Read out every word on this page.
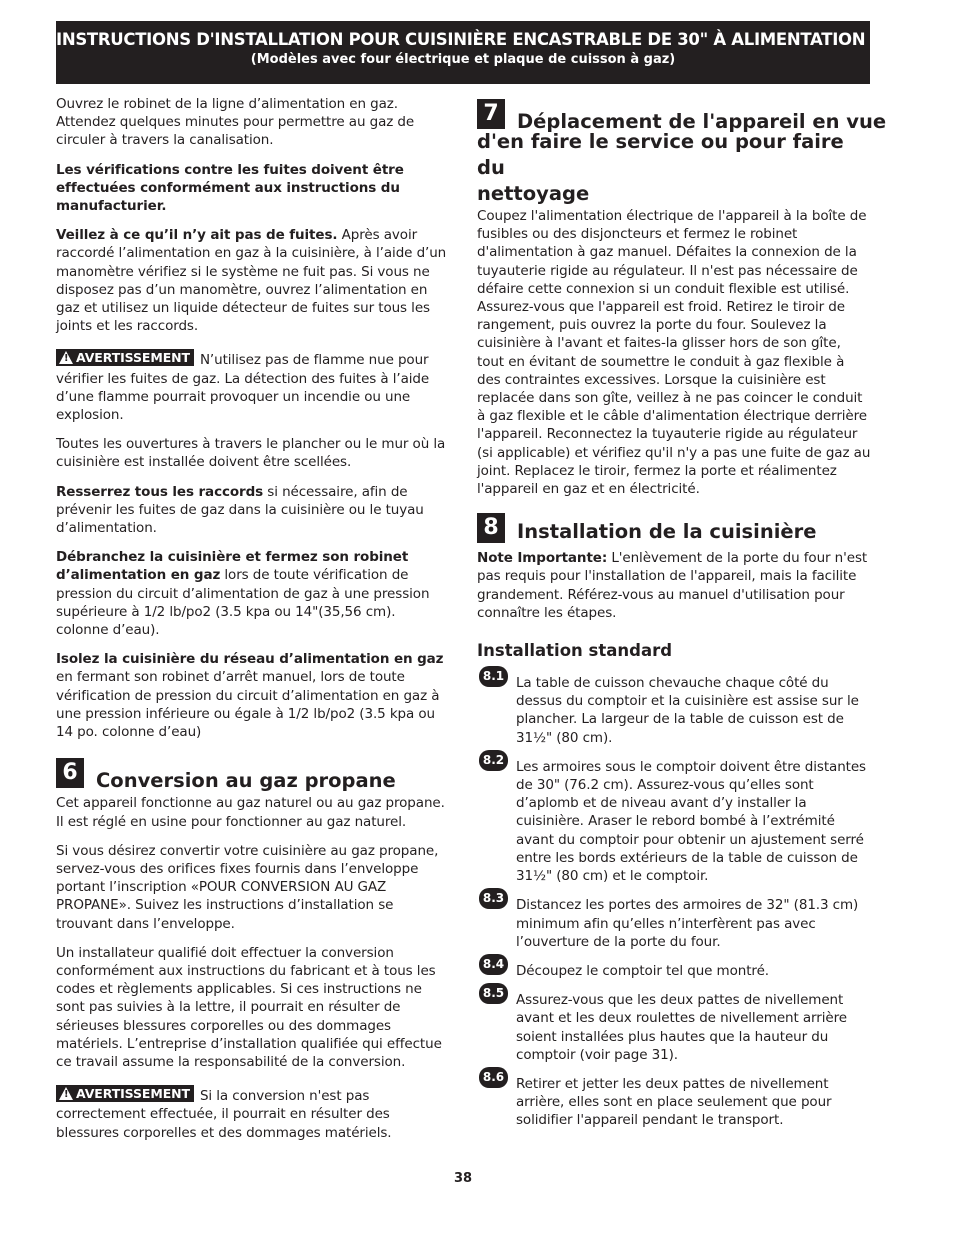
INSTRUCTIONS D'INSTALLATION POUR CUISINIÈRE ENCASTRABLE DE 30" À ALIMENTATION MIXTE
(Modèles avec four électrique et plaque de cuisson à gaz)

Ouvrez le robinet de la ligne d’alimentation en gaz. Attendez quelques minutes pour permettre au gaz de circuler à travers la canalisation.

Les vérifications contre les fuites doivent être effectuées conformément aux instructions du manufacturier.

Veillez à ce qu’il n’y ait pas de fuites. Après avoir raccordé l’alimentation en gaz à la cuisinière, à l’aide d’un manomètre vérifiez si le système ne fuit pas. Si vous ne disposez pas d’un manomètre, ouvrez l’alimentation en gaz et utilisez un liquide détecteur de fuites sur tous les joints et les raccords.

! AVERTISSEMENT N’utilisez pas de flamme nue pour vérifier les fuites de gaz. La détection des fuites à l’aide d’une flamme pourrait provoquer un incendie ou une explosion.

Toutes les ouvertures à travers le plancher ou le mur où la cuisinière est installée doivent être scellées.

Resserrez tous les raccords si nécessaire, afin de prévenir les fuites de gaz dans la cuisinière ou le tuyau d’alimentation.

Débranchez la cuisinière et fermez son robinet d’alimentation en gaz lors de toute vérification de pression du circuit d’alimentation de gaz à une pression supérieure à 1/2 lb/po2 (3.5 kpa ou 14"(35,56 cm). colonne d’eau).

Isolez la cuisinière du réseau d’alimentation en gaz en fermant son robinet d’arrêt manuel, lors de toute vérification de pression du circuit d’alimentation en gaz à une pression inférieure ou égale à 1/2 lb/po2 (3.5 kpa ou 14 po. colonne d’eau)

6 Conversion au gaz propane

Cet appareil fonctionne au gaz naturel ou au gaz propane. Il est réglé en usine pour fonctionner au gaz naturel.

Si vous désirez convertir votre cuisinière au gaz propane, servez-vous des orifices fixes fournis dans l’enveloppe portant l’inscription «POUR CONVERSION AU GAZ PROPANE». Suivez les instructions d’installation se trouvant dans l’enveloppe.

Un installateur qualifié doit effectuer la conversion conformément aux instructions du fabricant et à tous les codes et règlements applicables. Si ces instructions ne sont pas suivies à la lettre, il pourrait en résulter de sérieuses blessures corporelles ou des dommages matériels. L’entreprise d’installation qualifiée qui effectue ce travail assume la responsabilité de la conversion.

! AVERTISSEMENT Si la conversion n'est pas correctement effectuée, il pourrait en résulter des blessures corporelles et des dommages matériels.

7 Déplacement de l'appareil en vue
d'en faire le service ou pour faire du
nettoyage

Coupez l'alimentation électrique de l'appareil à la boîte de fusibles ou des disjoncteurs et fermez le robinet d'alimentation à gaz manuel. Défaites la connexion de la tuyauterie rigide au régulateur. Il n'est pas nécessaire de défaire cette connexion si un conduit flexible est utilisé. Assurez-vous que l'appareil est froid. Retirez le tiroir de rangement, puis ouvrez la porte du four. Soulevez la cuisinière à l'avant et faites-la glisser hors de son gîte, tout en évitant de soumettre le conduit à gaz flexible à des contraintes excessives. Lorsque la cuisinière est replacée dans son gîte, veillez à ne pas coincer le conduit à gaz flexible et le câble d'alimentation électrique derrière l'appareil. Reconnectez la tuyauterie rigide au régulateur (si applicable) et vérifiez qu'il n'y a pas une fuite de gaz au joint. Replacez le tiroir, fermez la porte et réalimentez l'appareil en gaz et en électricité.

8 Installation de la cuisinière

Note Importante: L'enlèvement de la porte du four n'est pas requis pour l'installation de l'appareil, mais la facilite grandement. Référez-vous au manuel d'utilisation pour connaître les étapes.

Installation standard
8.1 La table de cuisson chevauche chaque côté du dessus du comptoir et la cuisinière est assise sur le plancher. La largeur de la table de cuisson est de 31½" (80 cm).

8.2 Les armoires sous le comptoir doivent être distantes de 30" (76.2 cm). Assurez-vous qu’elles sont d’aplomb et de niveau avant d’y installer la cuisinière. Araser le rebord bombé à l’extrémité avant du comptoir pour obtenir un ajustement serré entre les bords extérieurs de la table de cuisson de 31½" (80 cm) et le comptoir.

8.3 Distancez les portes des armoires de 32" (81.3 cm) minimum afin qu’elles n’interfèrent pas avec l’ouverture de la porte du four.

8.4 Découpez le comptoir tel que montré.

8.5 Assurez-vous que les deux pattes de nivellement avant et les deux roulettes de nivellement arrière soient installées plus hautes que la hauteur du comptoir (voir page 31).

8.6 Retirer et jetter les deux pattes de nivellement arrière, elles sont en place seulement que pour solidifier l'appareil pendant le transport.

38
